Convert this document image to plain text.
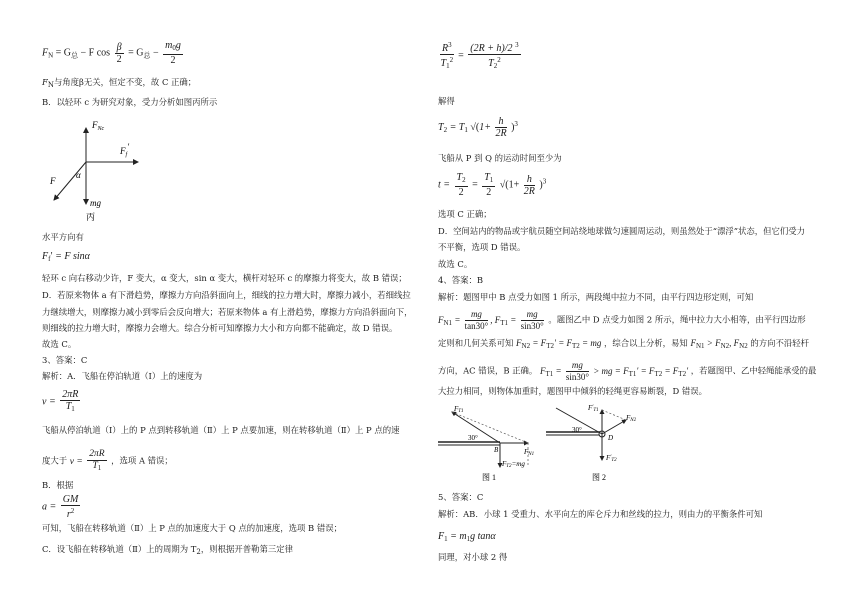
$F_N = G_总 - F$ $\cos \frac{\beta}{2} = G_总 - \frac{m_0g}{2}$
$F_N$与角度β无关，恒定不变，故 C 正确；
B．以轻环 c 为研究对象，受力分析如图丙所示
$F_{Nc}$
$F_f'$
F
α
mg
丙
水平方向有
$F_f' = F$ sinα
轻环 c 向右移动少许，F 变大，α 变大，sin α 变大，横杆对轻环 c 的摩擦力将变大，故 B 错误；
D．若原来物体 a 有下滑趋势，摩擦力方向沿斜面向上，细线的拉力增大时，摩擦力减小，若细线拉
力继续增大，则摩擦力减小到零后会反向增大；若原来物体 a 有上滑趋势，摩擦力方向沿斜面向下，
则细线的拉力增大时，摩擦力会增大。综合分析可知摩擦力大小和方向都不能确定，故 D 错误。
故选 C。
3、答案：C
解析：A．飞船在停泊轨道（Ⅰ）上的速度为
$v = \frac{2\pi R}{T_1}$
飞船从停泊轨道（Ⅰ）上的 P 点到转移轨道（Ⅱ）上 P 点要加速，则在转移轨道（Ⅱ）上 P 点的速
度大于 $v = \frac{2\pi R}{T_1}$ ，选项 A 错误；
B．根据
$a = \frac{GM}{r^2}$
可知，飞船在转移轨道（Ⅱ）上 P 点的加速度大于 Q 点的加速度，选项 B 错误；
C．设飞船在转移轨道（Ⅱ）上的周期为 $T_2$，则根据开普勒第三定律
$\frac{R^3}{T_1^2} = \frac{(2R + h)/2 ^3}{T_2^2}$
解得
$T_2 = T_1$ $√(1+ \frac{h}{2R} )^3$
飞船从 P 到 Q 的运动时间至少为
$t = \frac{T_2}{2} = \frac{T_1}{2} √(1+ \frac{h}{2R} )^3$
选项 C 正确；
D．空间站内的物品或宇航员随空间站绕地球做匀速圆周运动，则虽然处于“漂浮”状态，但它们受力
不平衡，选项 D 错误。
故选 C。
4、答案：B
解析：题图甲中 B 点受力如图 1 所示，两段绳中拉力不同，由平行四边形定则，可知
$F_{N1} = \frac{mg}{\tan 30^\circ}$ , $F_{T1} = \frac{mg}{\sin 30^\circ}$ 。题图乙中 D 点受力如图 2 所示，绳中拉力大小相等，由平行四边形
定则和几何关系可知 $F_{N2} = F_{T2}' = F_{T2}$ = mg ，综合以上分析，易知 $F_{N1} > F_{N2}$, $F_{N2}$ 的方向不沿轻杆
方向，AC 错误，B 正确。 $F_{T1} = \frac{mg}{\sin 30^\circ}$ > mg = $F_{T1}' = F_{T2} = F_{T2}'$ ，若题图甲、乙中轻绳能承受的最
大拉力相同，则物体加重时，题图甲中倾斜的轻绳更容易断裂，D 错误。
FT1
30°
B	FN1
FT2=mg
图 1
$F'_{T1}$
FN2
30°
D
$F'_{T2}$
图 2
5、答案：C
解析：AB．小球 1 受重力、水平向左的库仑斥力和丝线的拉力，则由力的平衡条件可知
$F_1 = m_1g$ tanα
同理，对小球 2 得
